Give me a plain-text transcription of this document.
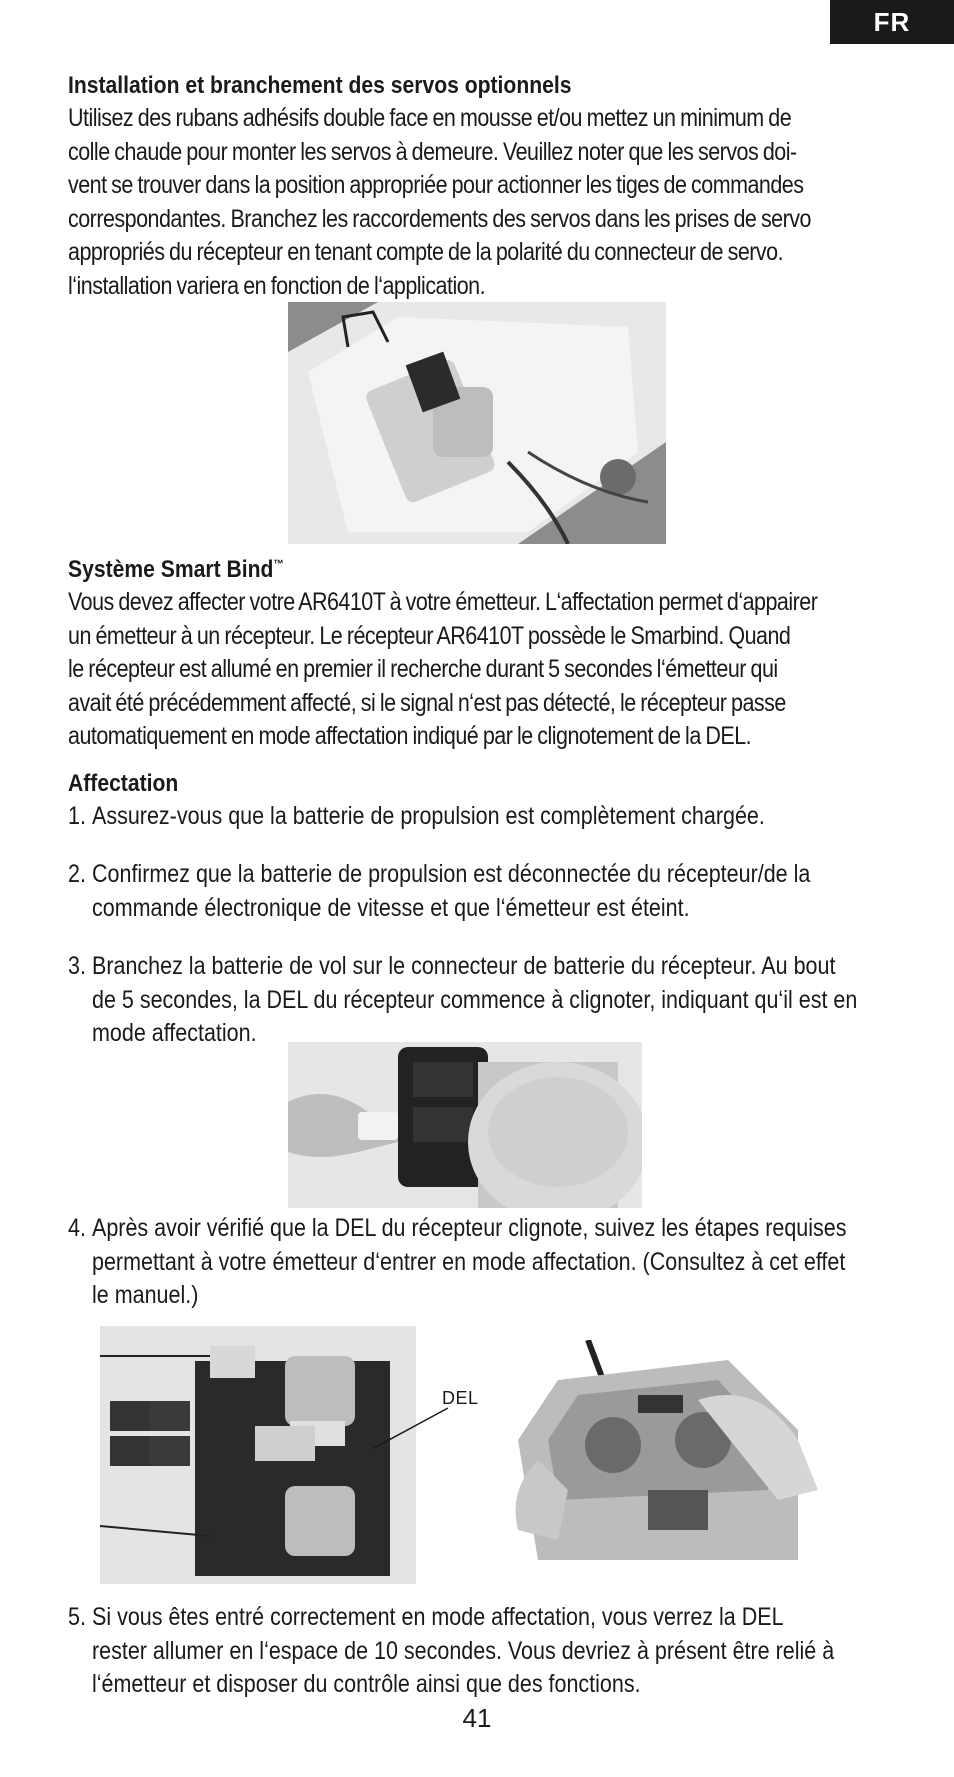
FR
Installation et branchement des servos optionnels
Utilisez des rubans adhésifs double face en mousse et/ou mettez un minimum de
colle chaude pour monter les servos à demeure. Veuillez noter que les servos doi-
vent se trouver dans la position appropriée pour actionner les tiges de commandes
correspondantes. Branchez les raccordements des servos dans les prises de servo
appropriés du récepteur en tenant compte de la polarité du connecteur de servo.
l‘installation variera en fonction de l‘application.
Système Smart Bind™
Vous devez affecter votre AR6410T à votre émetteur. L‘affectation permet d‘appairer
un émetteur à un récepteur. Le récepteur AR6410T possède le Smarbind. Quand
le récepteur est allumé en premier il recherche durant 5 secondes l‘émetteur qui
avait été précédemment affecté, si le signal n‘est pas détecté, le récepteur passe
automatiquement en mode affectation indiqué par le clignotement de la DEL.
Affectation
1. Assurez-vous que la batterie de propulsion est complètement chargée.
2. Confirmez que la batterie de propulsion est déconnectée du récepteur/de la
commande électronique de vitesse et que l‘émetteur est éteint.
3. Branchez la batterie de vol sur le connecteur de batterie du récepteur. Au bout
de 5 secondes, la DEL du récepteur commence à clignoter, indiquant qu‘il est en
mode affectation.
4. Après avoir vérifié que la DEL du récepteur clignote, suivez les étapes requises
permettant à votre émetteur d‘entrer en mode affectation. (Consultez à cet effet
le manuel.)
DEL
5. Si vous êtes entré correctement en mode affectation, vous verrez la DEL
rester allumer en l‘espace de 10 secondes. Vous devriez à présent être relié à
l‘émetteur et disposer du contrôle ainsi que des fonctions.
41
